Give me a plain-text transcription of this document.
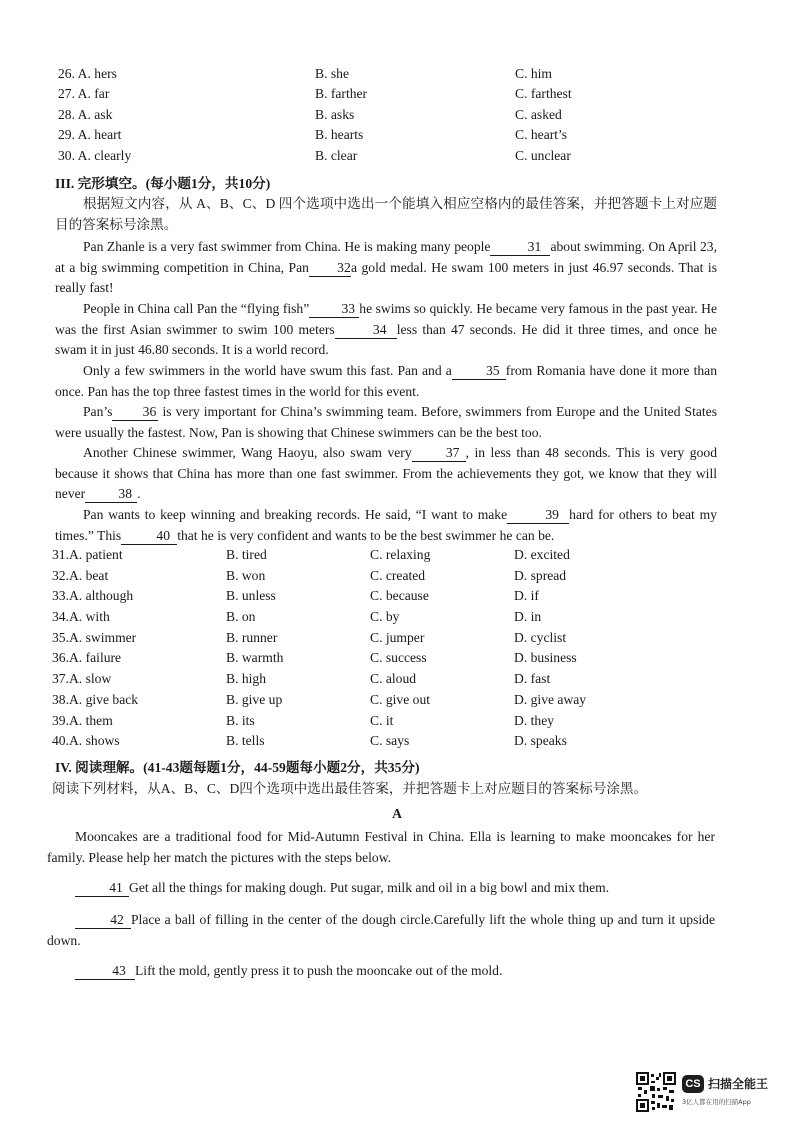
26. A. hers	B. she	C. him
27. A. far	B. farther	C. farthest
28. A. ask	B. asks	C. asked
29. A. heart	B. hearts	C. heart’s
30. A. clearly	B. clear	C. unclear
III. 完形填空。(每小题1分，共10分)
根据短文内容，从 A、B、C、D 四个选项中选出一个能填入相应空格内的最佳答案，并把答题卡上对应题目的答案标号涂黑。
Pan Zhanle is a very fast swimmer from China. He is making many people	31 about swimming. On April 23, at a big swimming competition in China, Pan 32a gold medal. He swam 100 meters in just 46.97 seconds. That is really fast!
People in China call Pan the “flying fish” 33 he swims so quickly. He became very famous in the past year. He was the first Asian swimmer to swim 100 meters	34 less than 47 seconds. He did it three times, and once he swam it in just 46.80 seconds. It is a world record.
Only a few swimmers in the world have swum this fast. Pan and a	35 from Romania have done it more than once. Pan has the top three fastest times in the world for this event.
Pan’s 36 is very important for China’s swimming team. Before, swimmers from Europe and the United States were usually the fastest. Now, Pan is showing that Chinese swimmers can be the best too.
Another Chinese swimmer, Wang Haoyu, also swam very	37 , in less than 48 seconds. This is very good because it shows that China has more than one fast swimmer. From the achievements they got, we know that they will never 38 .
Pan wants to keep winning and breaking records. He said, “I want to make	39 hard for others to beat my times.” This	40 that he is very confident and wants to be the best swimmer he can be.
31.A. patient	B. tired	C. relaxing	D. excited
32.A. beat	B. won	C. created	D. spread
33.A. although	B. unless	C. because	D. if
34.A. with	B. on	C. by	D. in
35.A. swimmer	B. runner	C. jumper	D. cyclist
36.A. failure	B. warmth	C. success	D. business
37.A. slow	B. high	C. aloud	D. fast
38.A. give back	B. give up	C. give out	D. give away
39.A. them	B. its	C. it	D. they
40.A. shows	B. tells	C. says	D. speaks
IV. 阅读理解。(41-43题每题1分，44-59题每小题2分，共35分)
阅读下列材料，从A、B、C、D四个选项中选出最佳答案，并把答题卡上对应题目的答案标号涂黑。
A
Mooncakes are a traditional food for Mid-Autumn Festival in China. Ella is learning to make mooncakes for her family. Please help her match the pictures with the steps below.
41 Get all the things for making dough. Put sugar, milk and oil in a big bowl and mix them.
42 Place a ball of filling in the center of the dough circle.Carefully lift the whole thing up and turn it upside down.
43 Lift the mold, gently press it to push the mooncake out of the mold.
CS 扫描全能王
3亿人都在用的扫描App
